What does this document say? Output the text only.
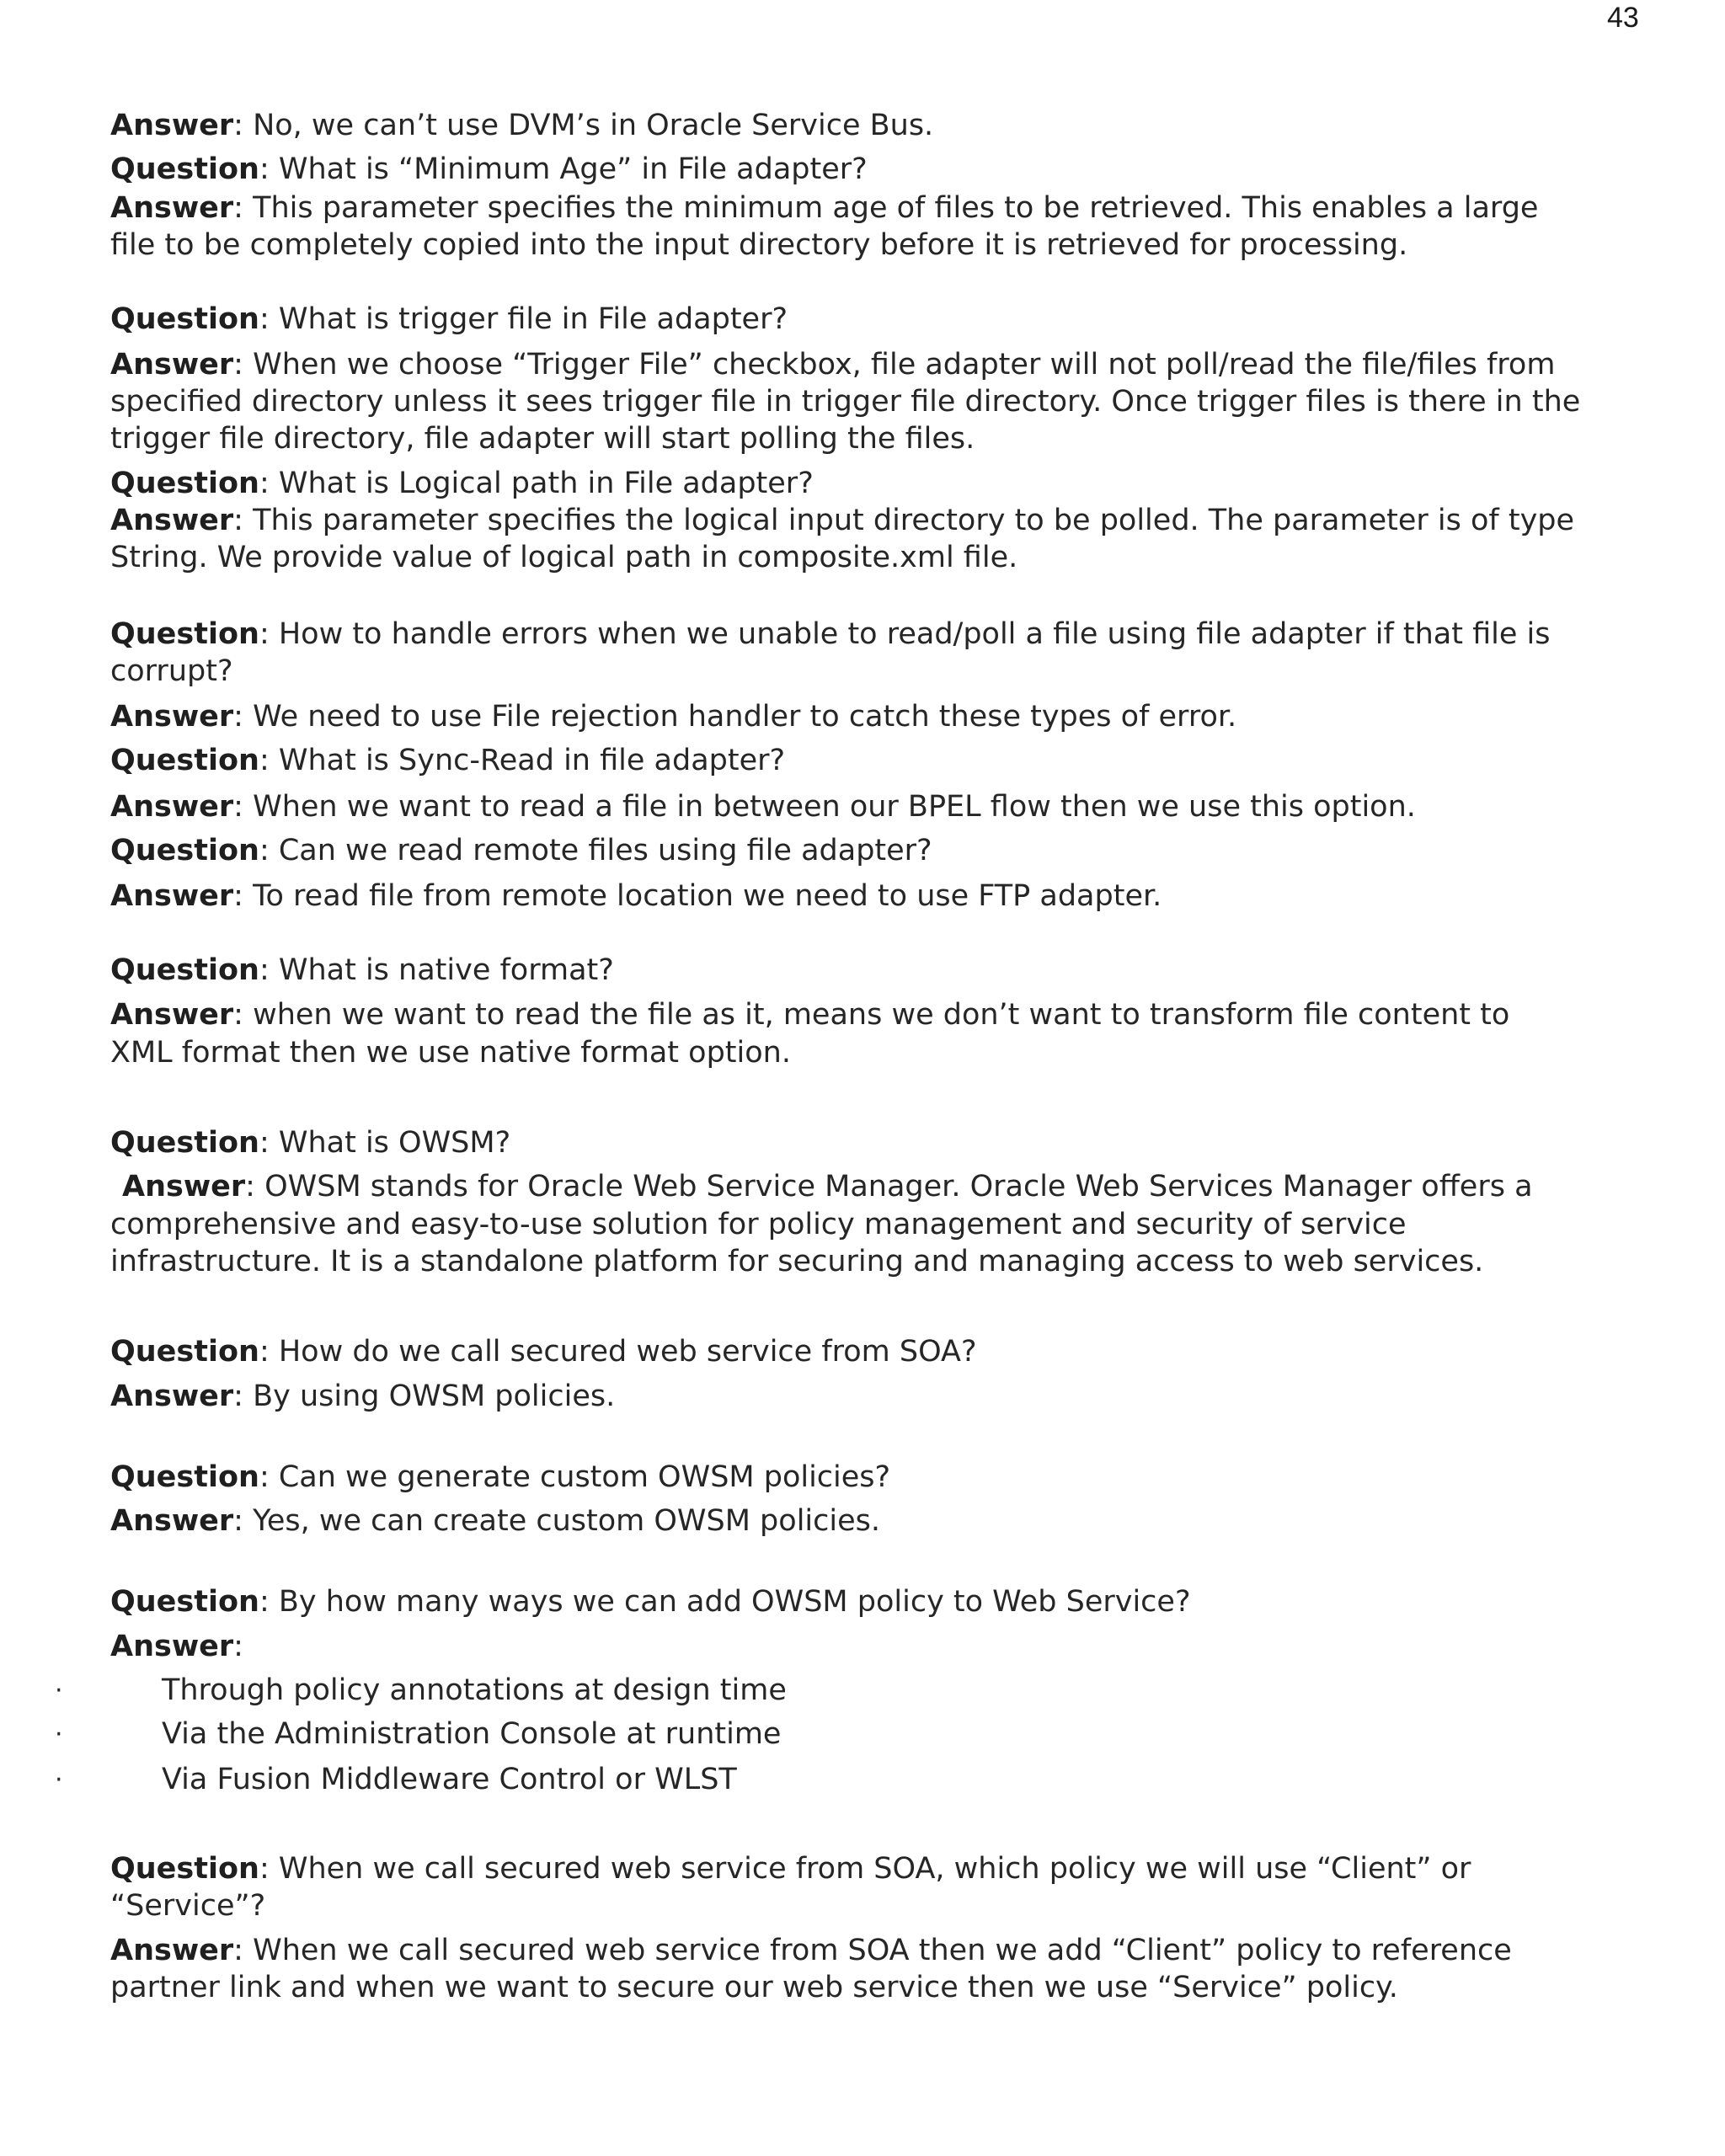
43
Answer: No, we can’t use DVM’s in Oracle Service Bus.
Question: What is “Minimum Age” in File adapter?
Answer: This parameter specifies the minimum age of files to be retrieved. This enables a large
file to be completely copied into the input directory before it is retrieved for processing.
Question: What is trigger file in File adapter?
Answer: When we choose “Trigger File” checkbox, file adapter will not poll/read the file/files from
specified directory unless it sees trigger file in trigger file directory. Once trigger files is there in the
trigger file directory, file adapter will start polling the files.
Question: What is Logical path in File adapter?
Answer: This parameter specifies the logical input directory to be polled. The parameter is of type
String. We provide value of logical path in composite.xml file.
Question: How to handle errors when we unable to read/poll a file using file adapter if that file is
corrupt?
Answer: We need to use File rejection handler to catch these types of error.
Question: What is Sync-Read in file adapter?
Answer: When we want to read a file in between our BPEL flow then we use this option.
Question: Can we read remote files using file adapter?
Answer: To read file from remote location we need to use FTP adapter.
Question: What is native format?
Answer: when we want to read the file as it, means we don’t want to transform file content to
XML format then we use native format option.
Question: What is OWSM?
Answer: OWSM stands for Oracle Web Service Manager. Oracle Web Services Manager offers a
comprehensive and easy-to-use solution for policy management and security of service
infrastructure. It is a standalone platform for securing and managing access to web services.
Question: How do we call secured web service from SOA?
Answer: By using OWSM policies.
Question: Can we generate custom OWSM policies?
Answer: Yes, we can create custom OWSM policies.
Question: By how many ways we can add OWSM policy to Web Service?
Answer:
·	Through policy annotations at design time
·	Via the Administration Console at runtime
·	Via Fusion Middleware Control or WLST
Question: When we call secured web service from SOA, which policy we will use “Client” or
“Service”?
Answer: When we call secured web service from SOA then we add “Client” policy to reference
partner link and when we want to secure our web service then we use “Service” policy.
